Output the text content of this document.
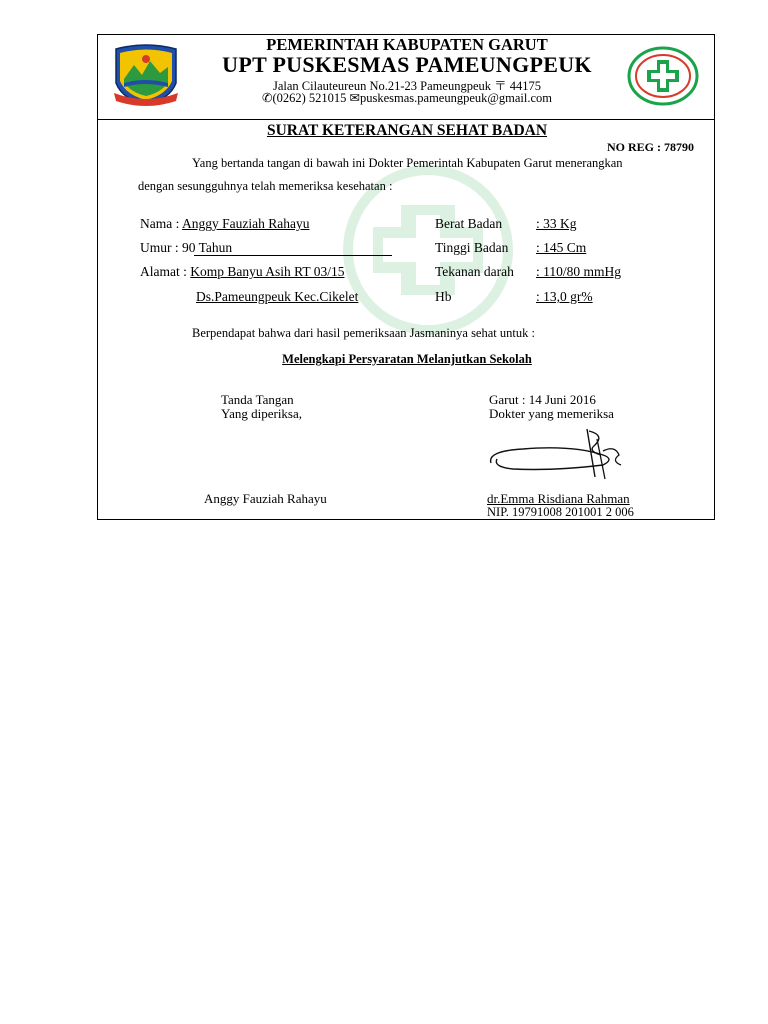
PEMERINTAH KABUPATEN GARUT
UPT PUSKESMAS PAMEUNGPEUK
Jalan Cilauteureun No.21-23 Pameungpeuk 〒 44175
✆(0262) 521015 ✉puskesmas.pameungpeuk@gmail.com
SURAT KETERANGAN SEHAT BADAN
NO REG : 78790
Yang bertanda tangan di bawah ini Dokter Pemerintah Kabupaten Garut menerangkan
dengan sesungguhnya telah memeriksa kesehatan :
Nama : Anggy Fauziah Rahayu
Umur : 90 Tahun
Alamat : Komp Banyu Asih RT 03/15
Ds.Pameungpeuk Kec.Cikelet
Berat Badan	: 33 Kg
Tinggi Badan : 145 Cm
Tekanan darah : 110/80 mmHg
Hb	: 13,0 gr%
Berpendapat bahwa dari hasil pemeriksaan Jasmaninya sehat untuk :
Melengkapi Persyaratan Melanjutkan Sekolah
Tanda Tangan
Yang diperiksa,
Garut : 14 Juni 2016
Dokter yang memeriksa
Anggy Fauziah Rahayu	dr.Emma Risdiana Rahman
NIP. 19791008 201001 2 006
